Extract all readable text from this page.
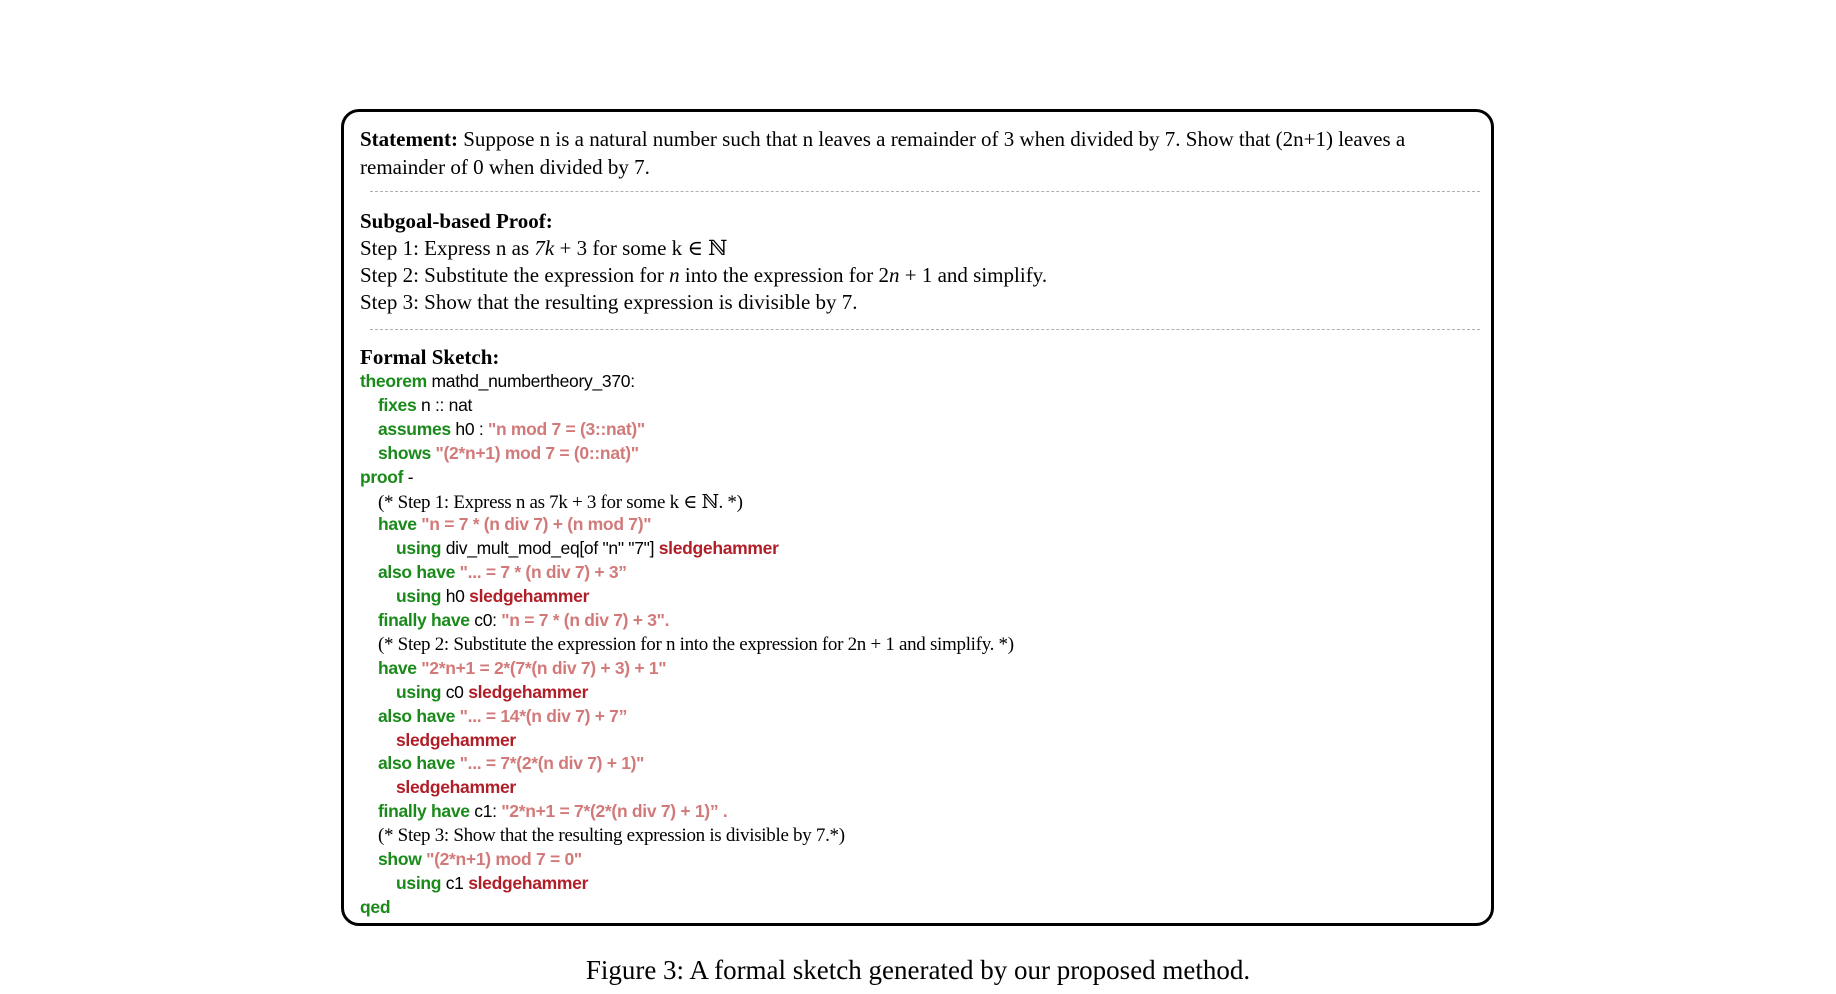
Statement: Suppose n is a natural number such that n leaves a remainder of 3 when divided by 7. Show that (2n+1) leaves a
remainder of 0 when divided by 7.
Subgoal-based Proof:
Step 1: Express n as 7k + 3 for some k ∈ ℕ
Step 2: Substitute the expression for n into the expression for 2n + 1 and simplify.
Step 3: Show that the resulting expression is divisible by 7.
Formal Sketch:
theorem mathd_numbertheory_370:
fixes n :: nat
assumes h0 : "n mod 7 = (3::nat)"
shows "(2*n+1) mod 7 = (0::nat)"
proof -
(* Step 1: Express n as 7k + 3 for some k ∈ ℕ. *)
have "n = 7 * (n div 7) + (n mod 7)"
using div_mult_mod_eq[of "n" "7"] sledgehammer
also have "... = 7 * (n div 7) + 3”
using h0 sledgehammer
finally have c0: "n = 7 * (n div 7) + 3".
(* Step 2: Substitute the expression for n into the expression for 2n + 1 and simplify. *)
have "2*n+1 = 2*(7*(n div 7) + 3) + 1"
using c0 sledgehammer
also have "... = 14*(n div 7) + 7”
sledgehammer
also have "... = 7*(2*(n div 7) + 1)"
sledgehammer
finally have c1: "2*n+1 = 7*(2*(n div 7) + 1)” .
(* Step 3: Show that the resulting expression is divisible by 7.*)
show "(2*n+1) mod 7 = 0"
using c1 sledgehammer
qed
Figure 3: A formal sketch generated by our proposed method.
